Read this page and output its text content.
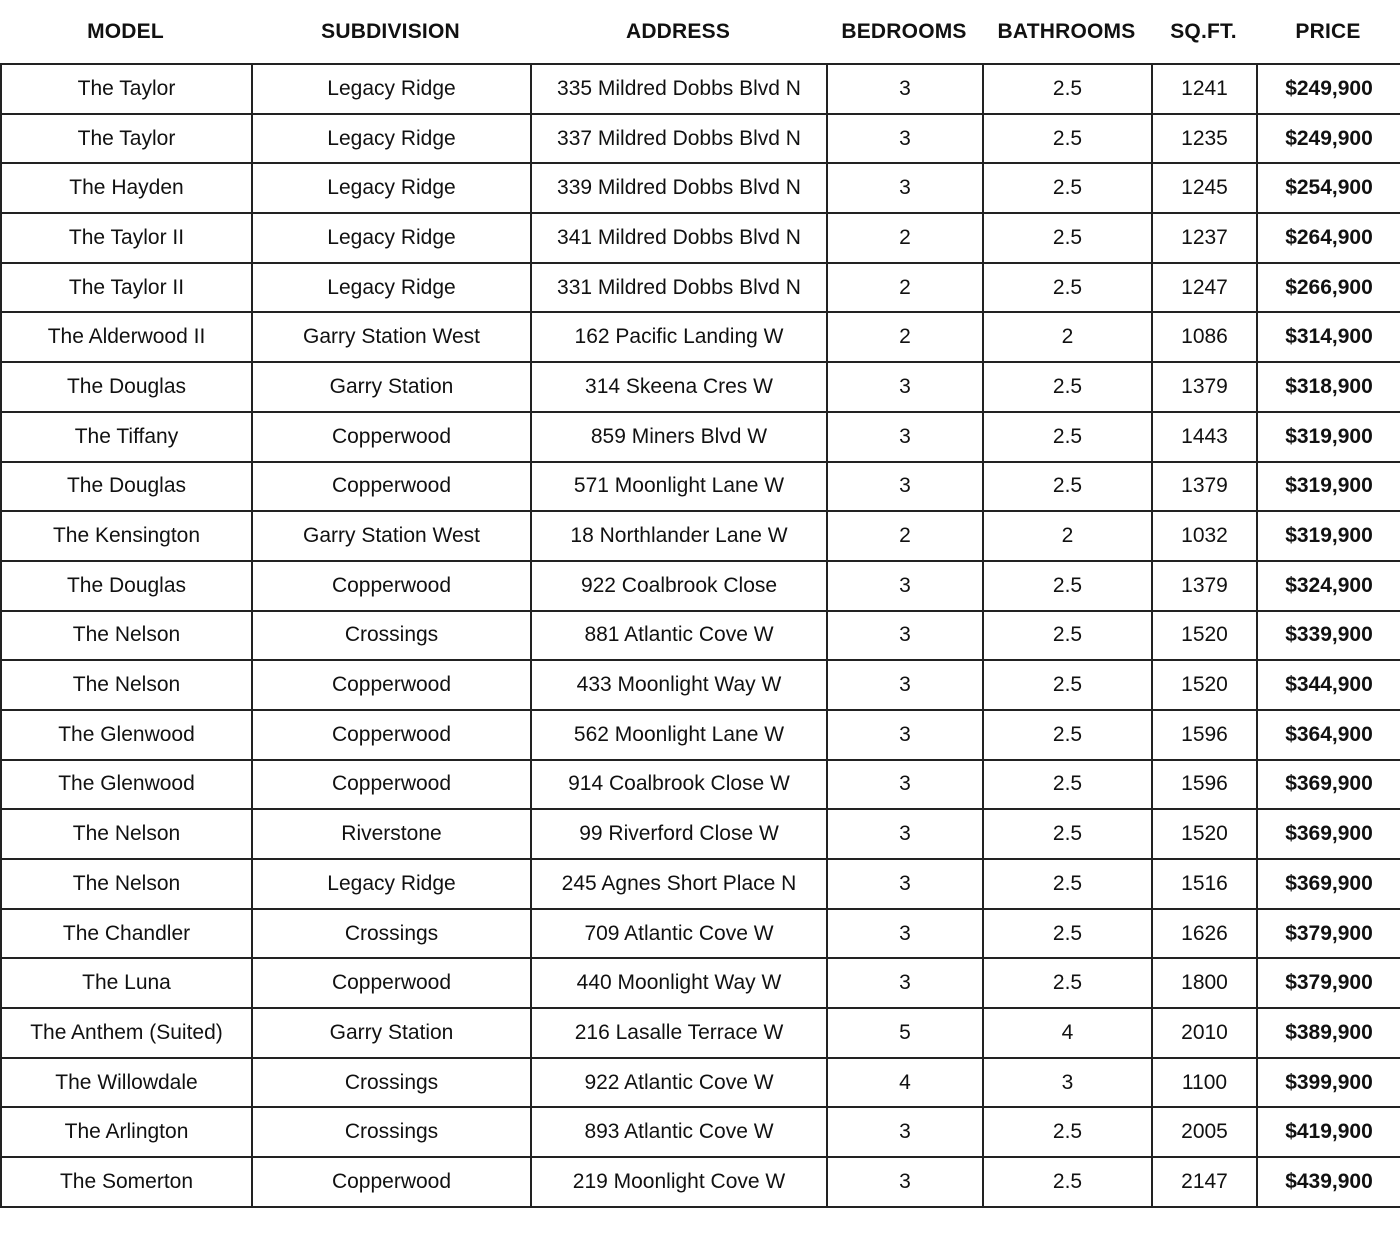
MODEL	SUBDIVISION	ADDRESS	BEDROOMS	BATHROOMS	SQ.FT.	PRICE
The Taylor	Legacy Ridge	335 Mildred Dobbs Blvd N	3	2.5	1241	$249,900
The Taylor	Legacy Ridge	337 Mildred Dobbs Blvd N	3	2.5	1235	$249,900
The Hayden	Legacy Ridge	339 Mildred Dobbs Blvd N	3	2.5	1245	$254,900
The Taylor II	Legacy Ridge	341 Mildred Dobbs Blvd N	2	2.5	1237	$264,900
The Taylor II	Legacy Ridge	331 Mildred Dobbs Blvd N	2	2.5	1247	$266,900
The Alderwood II	Garry Station West	162 Pacific Landing W	2	2	1086	$314,900
The Douglas	Garry Station	314 Skeena Cres W	3	2.5	1379	$318,900
The Tiffany	Copperwood	859 Miners Blvd W	3	2.5	1443	$319,900
The Douglas	Copperwood	571 Moonlight Lane W	3	2.5	1379	$319,900
The Kensington	Garry Station West	18 Northlander Lane W	2	2	1032	$319,900
The Douglas	Copperwood	922 Coalbrook Close	3	2.5	1379	$324,900
The Nelson	Crossings	881 Atlantic Cove W	3	2.5	1520	$339,900
The Nelson	Copperwood	433 Moonlight Way W	3	2.5	1520	$344,900
The Glenwood	Copperwood	562 Moonlight Lane W	3	2.5	1596	$364,900
The Glenwood	Copperwood	914 Coalbrook Close W	3	2.5	1596	$369,900
The Nelson	Riverstone	99 Riverford Close W	3	2.5	1520	$369,900
The Nelson	Legacy Ridge	245 Agnes Short Place N	3	2.5	1516	$369,900
The Chandler	Crossings	709 Atlantic Cove W	3	2.5	1626	$379,900
The Luna	Copperwood	440 Moonlight Way W	3	2.5	1800	$379,900
The Anthem (Suited)	Garry Station	216 Lasalle Terrace W	5	4	2010	$389,900
The Willowdale	Crossings	922 Atlantic Cove W	4	3	1100	$399,900
The Arlington	Crossings	893 Atlantic Cove W	3	2.5	2005	$419,900
The Somerton	Copperwood	219 Moonlight Cove W	3	2.5	2147	$439,900
